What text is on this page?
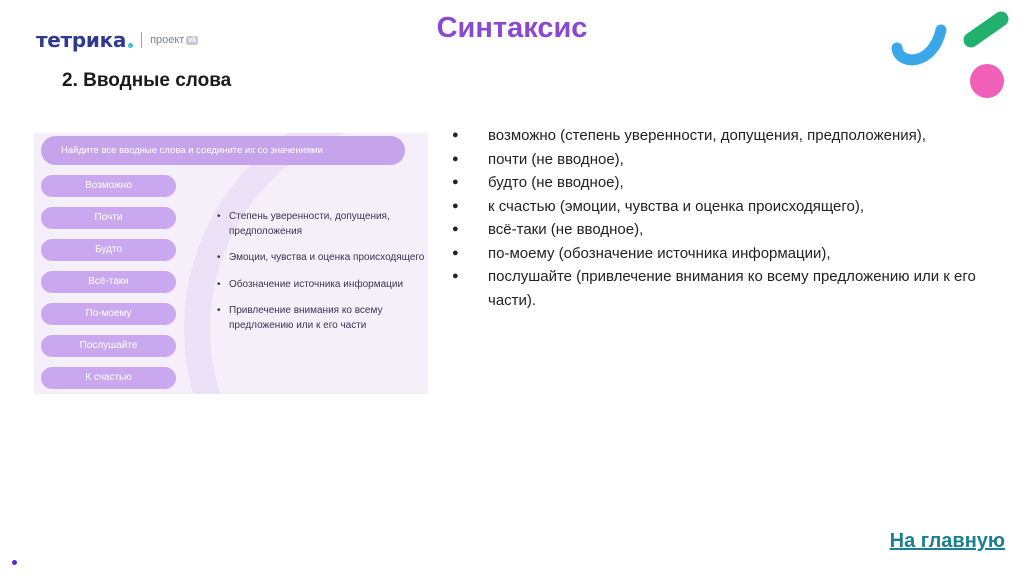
тетрика проект vk	Синтаксис
2. Вводные слова
Найдите все вводные слова и соедините их со значениями
Возможно
Почти
Будто
Всё-таки
По-моему
Послушайте
К счастью
• Степень уверенности, допущения, предположения
• Эмоции, чувства и оценка происходящего
• Обозначение источника информации
• Привлечение внимания ко всему предложению или к его части
● возможно (степень уверенности, допущения, предположения),
● почти (не вводное),
● будто (не вводное),
● к счастью (эмоции, чувства и оценка происходящего),
● всё-таки (не вводное),
● по-моему (обозначение источника информации),
● послушайте (привлечение внимания ко всему предложению или к его части).
На главную
